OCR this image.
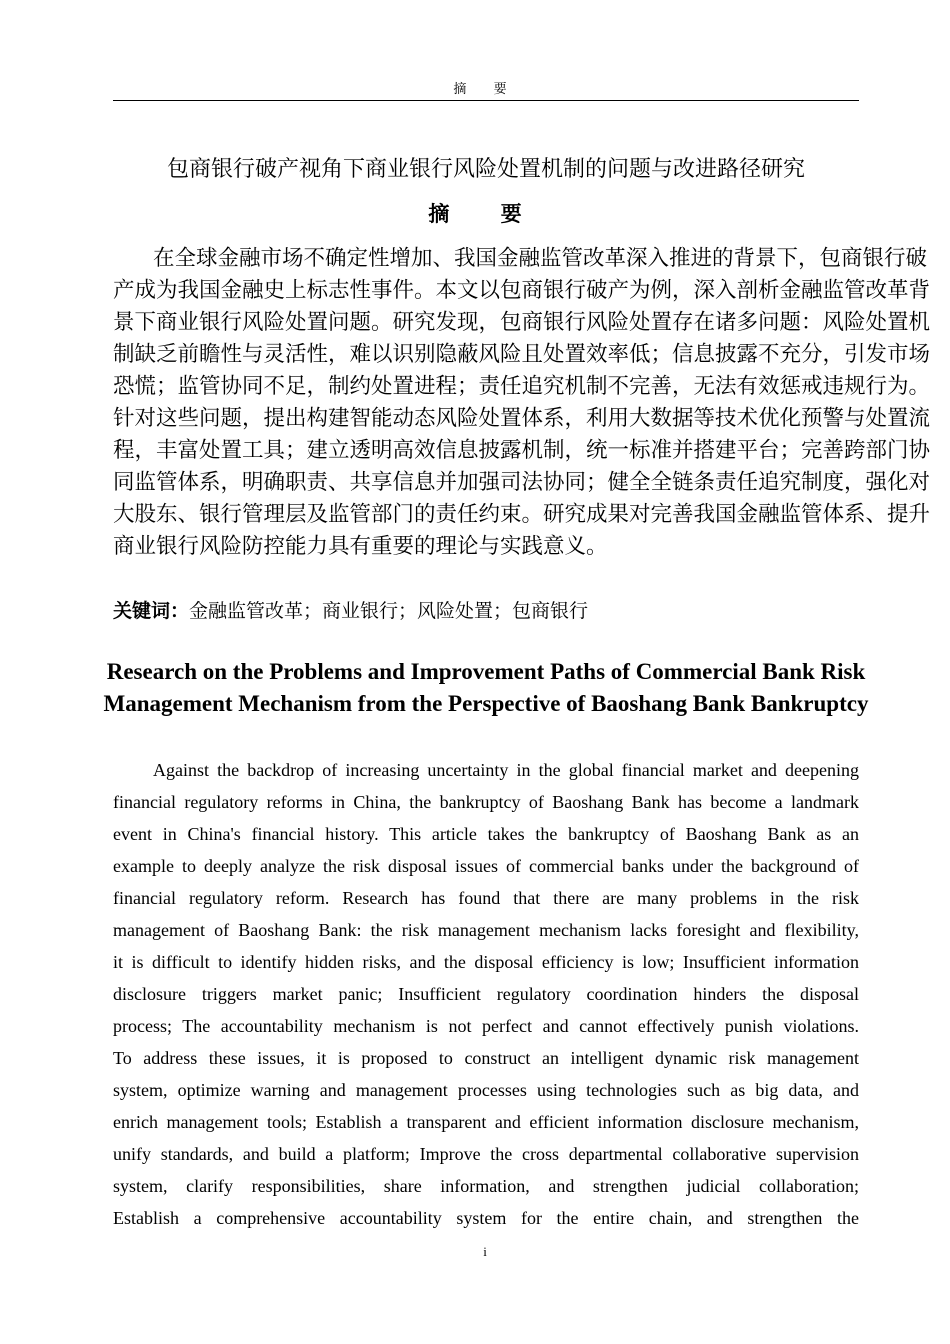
摘 要
包商银行破产视角下商业银行风险处置机制的问题与改进路径研究
摘 要
在全球金融市场不确定性增加、我国金融监管改革深入推进的背景下，包商银行破
产成为我国金融史上标志性事件。本文以包商银行破产为例，深入剖析金融监管改革背
景下商业银行风险处置问题。研究发现，包商银行风险处置存在诸多问题：风险处置机
制缺乏前瞻性与灵活性，难以识别隐蔽风险且处置效率低；信息披露不充分，引发市场
恐慌；监管协同不足，制约处置进程；责任追究机制不完善，无法有效惩戒违规行为。
针对这些问题，提出构建智能动态风险处置体系，利用大数据等技术优化预警与处置流
程，丰富处置工具；建立透明高效信息披露机制，统一标准并搭建平台；完善跨部门协
同监管体系，明确职责、共享信息并加强司法协同；健全全链条责任追究制度，强化对
大股东、银行管理层及监管部门的责任约束。研究成果对完善我国金融监管体系、提升
商业银行风险防控能力具有重要的理论与实践意义。
关键词：金融监管改革；商业银行；风险处置；包商银行
Research on the Problems and Improvement Paths of Commercial Bank Risk Management Mechanism from the Perspective of Baoshang Bank Bankruptcy
Against the backdrop of increasing uncertainty in the global financial market and deepening
financial regulatory reforms in China, the bankruptcy of Baoshang Bank has become a landmark
event in China's financial history. This article takes the bankruptcy of Baoshang Bank as an
example to deeply analyze the risk disposal issues of commercial banks under the background of
financial regulatory reform. Research has found that there are many problems in the risk
management of Baoshang Bank: the risk management mechanism lacks foresight and flexibility,
it is difficult to identify hidden risks, and the disposal efficiency is low; Insufficient information
disclosure triggers market panic; Insufficient regulatory coordination hinders the disposal
process; The accountability mechanism is not perfect and cannot effectively punish violations.
To address these issues, it is proposed to construct an intelligent dynamic risk management
system, optimize warning and management processes using technologies such as big data, and
enrich management tools; Establish a transparent and efficient information disclosure mechanism,
unify standards, and build a platform; Improve the cross departmental collaborative supervision
system, clarify responsibilities, share information, and strengthen judicial collaboration;
Establish a comprehensive accountability system for the entire chain, and strengthen the
i
